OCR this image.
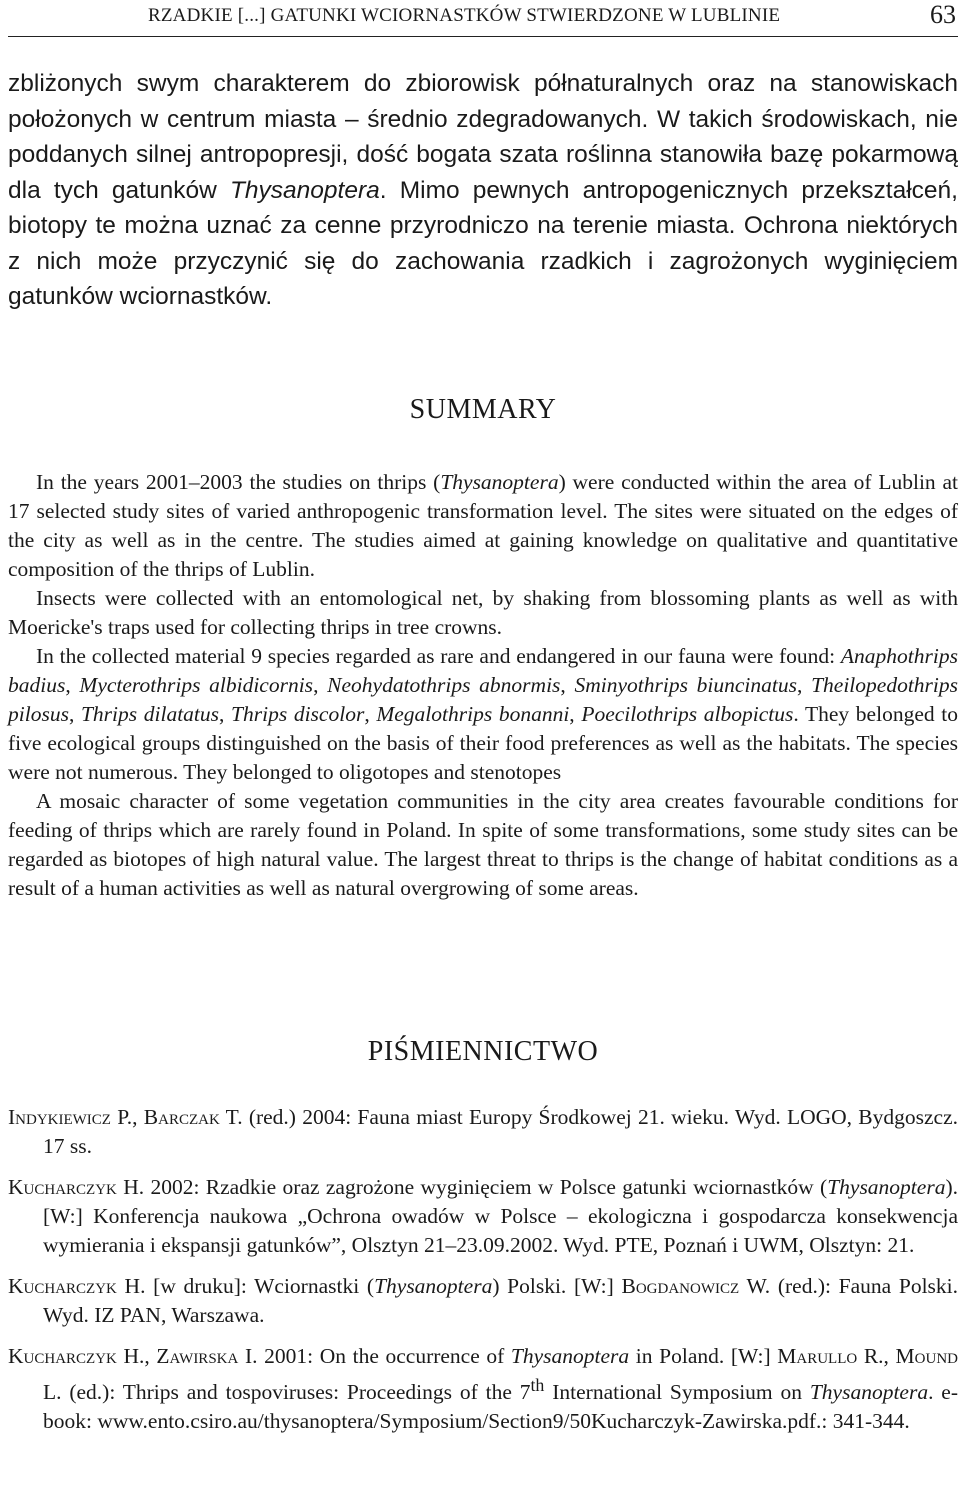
RZADKIE [...] GATUNKI WCIORNASTKÓW STWIERDZONE W LUBLINIE	63
zbliżonych swym charakterem do zbiorowisk półnaturalnych oraz na stanowiskach położonych w centrum miasta – średnio zdegradowanych. W takich środowiskach, nie poddanych silnej antropopresji, dość bogata szata roślinna stanowiła bazę pokarmową dla tych gatunków Thysanoptera. Mimo pewnych antropogenicznych przekształceń, biotopy te można uznać za cenne przyrodniczo na terenie miasta. Ochrona niektórych z nich może przyczynić się do zachowania rzadkich i zagrożonych wyginięciem gatunków wciornastków.
SUMMARY

In the years 2001–2003 the studies on thrips (Thysanoptera) were conducted within the area of Lublin at 17 selected study sites of varied anthropogenic transformation level. The sites were situated on the edges of the city as well as in the centre. The studies aimed at gaining knowledge on qualitative and quantitative composition of the thrips of Lublin.

Insects were collected with an entomological net, by shaking from blossoming plants as well as with Moericke's traps used for collecting thrips in tree crowns.

In the collected material 9 species regarded as rare and endangered in our fauna were found: Anaphothrips badius, Mycterothrips albidicornis, Neohydatothrips abnormis, Sminyothrips biuncinatus, Theilopedothrips pilosus, Thrips dilatatus, Thrips discolor, Megalothrips bonanni, Poecilothrips albopictus. They belonged to five ecological groups distinguished on the basis of their food preferences as well as the habitats. The species were not numerous. They belonged to oligotopes and stenotopes

A mosaic character of some vegetation communities in the city area creates favourable conditions for feeding of thrips which are rarely found in Poland. In spite of some transformations, some study sites can be regarded as biotopes of high natural value. The largest threat to thrips is the change of habitat conditions as a result of a human activities as well as natural overgrowing of some areas.

PIŚMIENNICTWO
Indykiewicz P., Barczak T. (red.) 2004: Fauna miast Europy Środkowej 21. wieku. Wyd. LOGO, Bydgoszcz. 17 ss.
Kucharczyk H. 2002: Rzadkie oraz zagrożone wyginięciem w Polsce gatunki wciornastków (Thysanoptera). [W:] Konferencja naukowa „Ochrona owadów w Polsce – ekologiczna i gospodarcza konsekwencja wymierania i ekspansji gatunków”, Olsztyn 21–23.09.2002. Wyd. PTE, Poznań i UWM, Olsztyn: 21.
Kucharczyk H. [w druku]: Wciornastki (Thysanoptera) Polski. [W:] Bogdanowicz W. (red.): Fauna Polski. Wyd. IZ PAN, Warszawa.
Kucharczyk H., Zawirska I. 2001: On the occurrence of Thysanoptera in Poland. [W:] Marullo R., Mound L. (ed.): Thrips and tospoviruses: Proceedings of the 7th International Symposium on Thysanoptera. e-book: www.ento.csiro.au/thysanoptera/Symposium/Section9/50Kucharczyk-Zawirska.pdf.: 341-344.
